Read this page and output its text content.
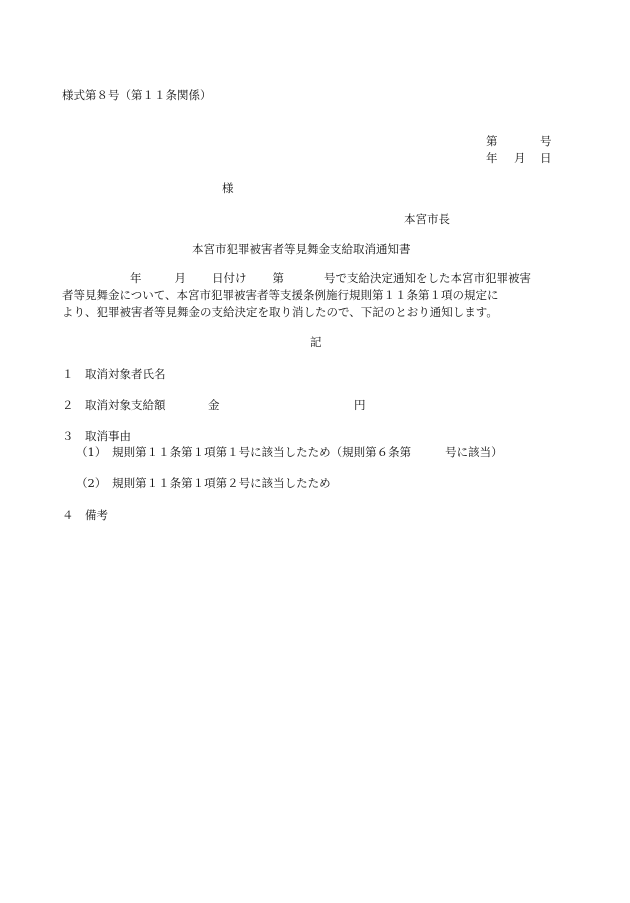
様式第８号（第１１条関係）
第	号
年 月 日
様
本宮市長
本宮市犯罪被害者等見舞金支給取消通知書
年	月 日付け 第	号で支給決定通知をした本宮市犯罪被害
者等見舞金について、本宮市犯罪被害者等支援条例施行規則第１１条第１項の規定に
より、犯罪被害者等見舞金の支給決定を取り消したので、下記のとおり通知します。
記
１　取消対象者氏名
２　取消対象支給額	金	円
３　取消事由
（1）　規則第１１条第１項第１号に該当したため（規則第６条第	号に該当）
（2）　規則第１１条第１項第２号に該当したため
４　備考
